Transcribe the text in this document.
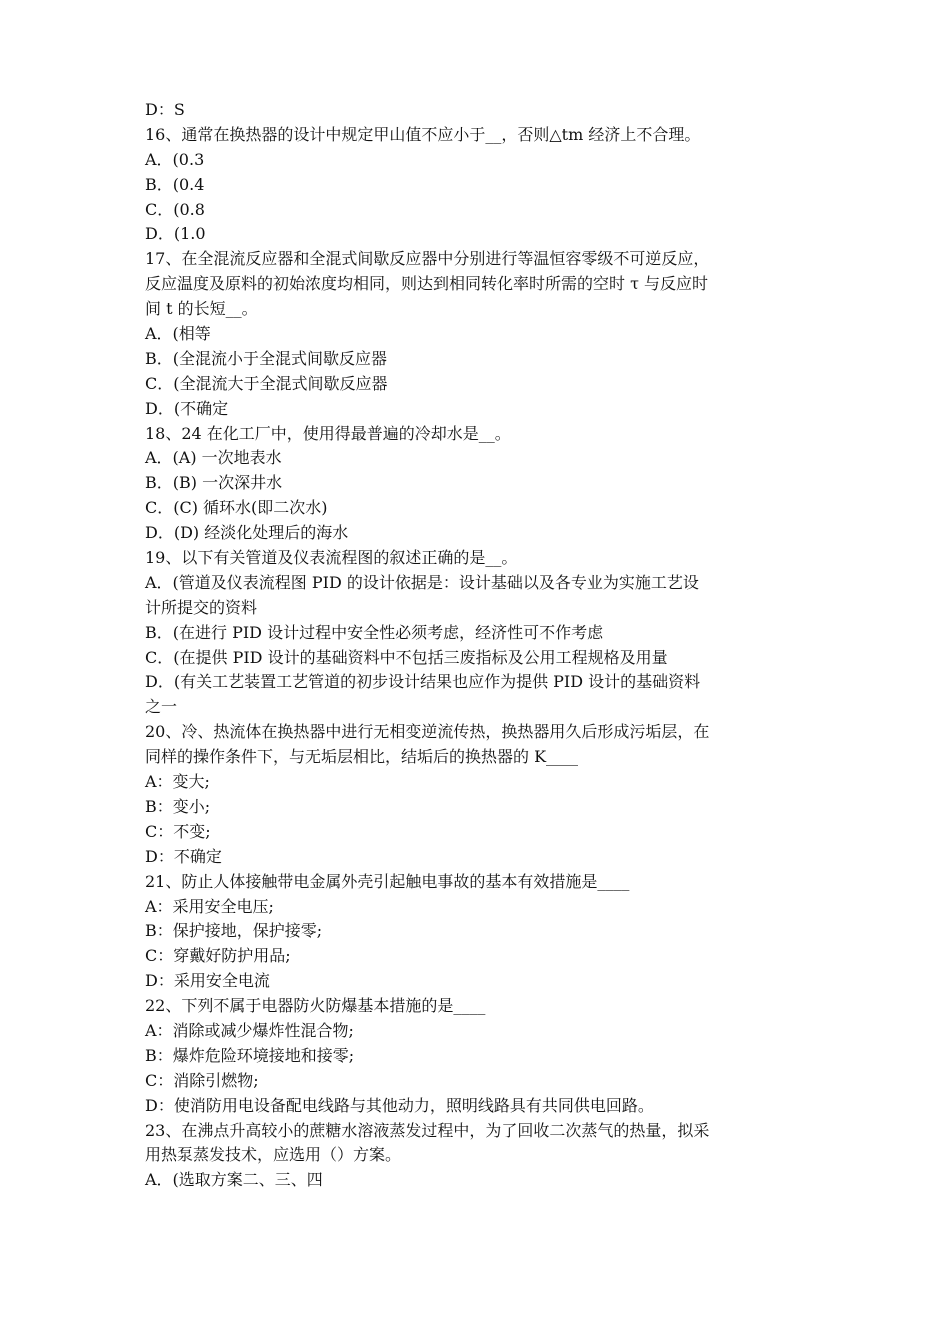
D：S
16、通常在换热器的设计中规定甲山值不应小于__，否则△tm 经济上不合理。
A．(0.3
B．(0.4
C．(0.8
D．(1.0
17、在全混流反应器和全混式间歇反应器中分别进行等温恒容零级不可逆反应，
反应温度及原料的初始浓度均相同，则达到相同转化率时所需的空时 τ 与反应时
间 t 的长短__。
A．(相等
B．(全混流小于全混式间歇反应器
C．(全混流大于全混式间歇反应器
D．(不确定
18、24 在化工厂中，使用得最普遍的冷却水是__。
A．(A) 一次地表水
B．(B) 一次深井水
C．(C) 循环水(即二次水)
D．(D) 经淡化处理后的海水
19、以下有关管道及仪表流程图的叙述正确的是__。
A．(管道及仪表流程图 PID 的设计依据是：设计基础以及各专业为实施工艺设
计所提交的资料
B．(在进行 PID 设计过程中安全性必须考虑，经济性可不作考虑
C．(在提供 PID 设计的基础资料中不包括三废指标及公用工程规格及用量
D．(有关工艺装置工艺管道的初步设计结果也应作为提供 PID 设计的基础资料
之一
20、冷、热流体在换热器中进行无相变逆流传热，换热器用久后形成污垢层，在
同样的操作条件下，与无垢层相比，结垢后的换热器的 K____
A：变大;
B：变小;
C：不变;
D：不确定
21、防止人体接触带电金属外壳引起触电事故的基本有效措施是____
A：采用安全电压;
B：保护接地，保护接零;
C：穿戴好防护用品;
D：采用安全电流
22、下列不属于电器防火防爆基本措施的是____
A：消除或减少爆炸性混合物;
B：爆炸危险环境接地和接零;
C：消除引燃物;
D：使消防用电设备配电线路与其他动力，照明线路具有共同供电回路。
23、在沸点升高较小的蔗糖水溶液蒸发过程中，为了回收二次蒸气的热量，拟采
用热泵蒸发技术，应选用（）方案。
A．(选取方案二、三、四
